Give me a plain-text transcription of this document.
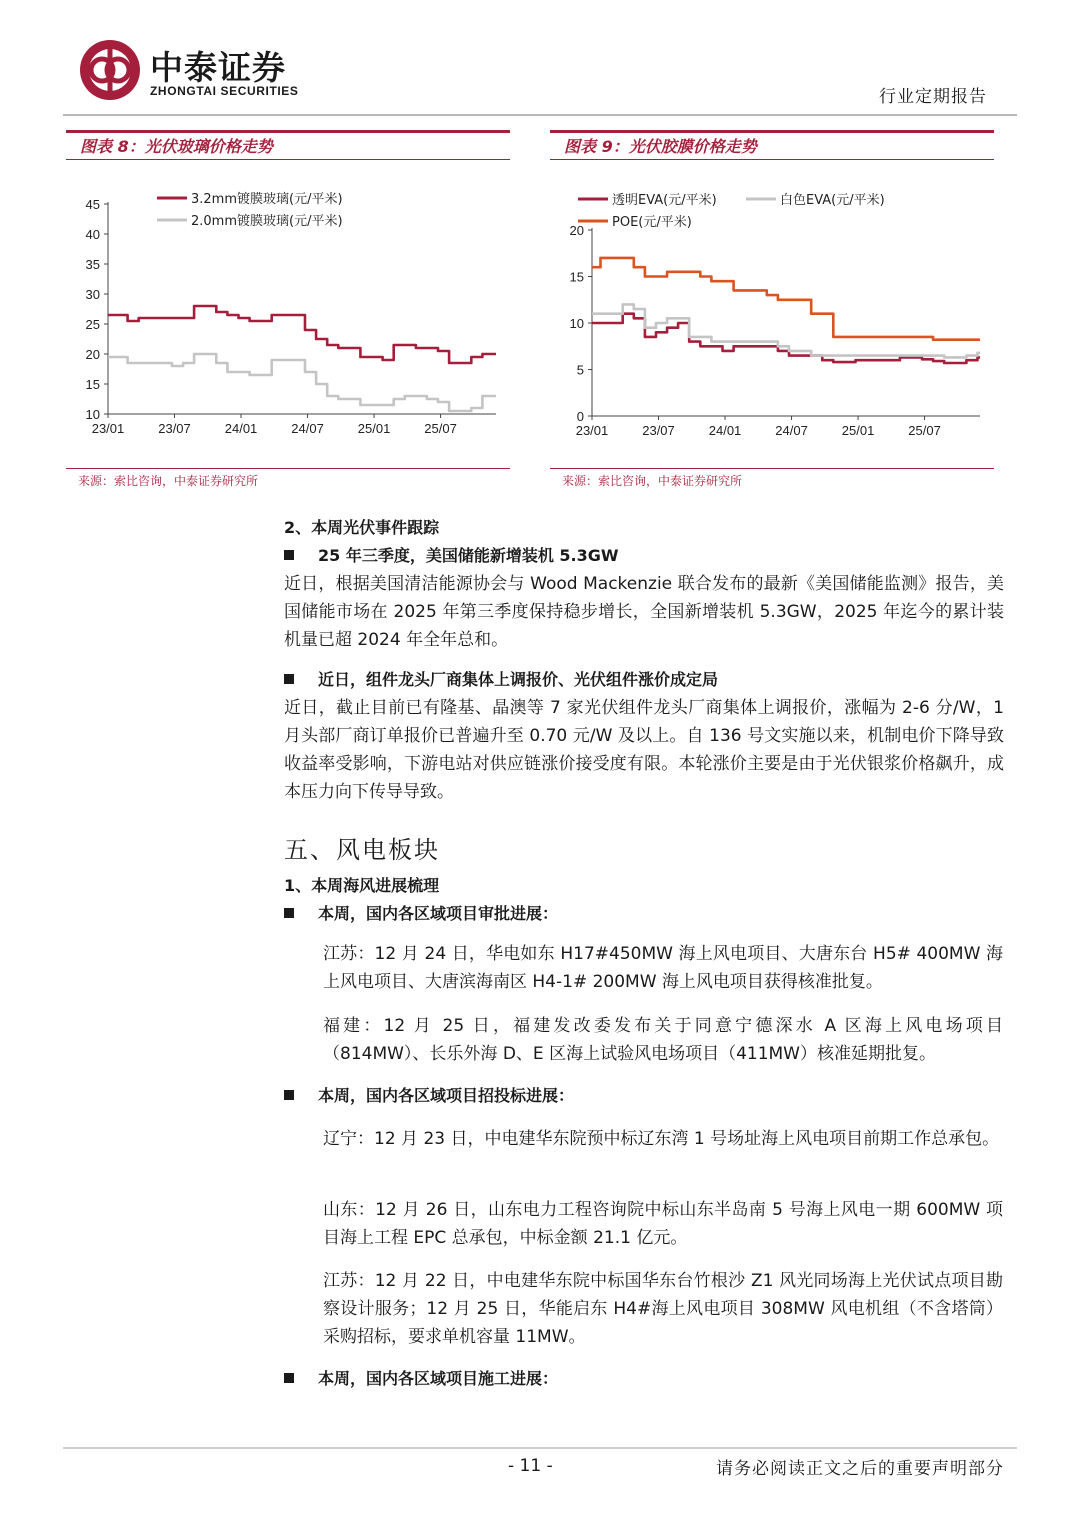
中泰证券
ZHONGTAI SECURITIES	行业定期报告
图表 8：光伏玻璃价格走势
10
15
20
25
30
35
40
45
23/01	23/07	24/01	24/07	25/01	25/07
3.2mm镀膜玻璃(元/平米)
2.0mm镀膜玻璃(元/平米)
来源：索比咨询，中泰证券研究所
图表 9：光伏胶膜价格走势
0
5
10
15
20
23/01	23/07	24/01	24/07	25/01	25/07
透明EVA(元/平米)	白色EVA(元/平米)
POE(元/平米)
来源：索比咨询，中泰证券研究所
2、本周光伏事件跟踪
25 年三季度，美国储能新增装机 5.3GW
近日，根据美国清洁能源协会与 Wood Mackenzie 联合发布的最新《美国储能监测》报告，美国储能市场在 2025 年第三季度保持稳步增长，全国新增装机 5.3GW，2025 年迄今的累计装机量已超 2024 年全年总和。
近日，组件龙头厂商集体上调报价、光伏组件涨价成定局
近日，截止目前已有隆基、晶澳等 7 家光伏组件龙头厂商集体上调报价，涨幅为 2-6 分/W，1 月头部厂商订单报价已普遍升至 0.70 元/W 及以上。自 136 号文实施以来，机制电价下降导致收益率受影响，下游电站对供应链涨价接受度有限。本轮涨价主要是由于光伏银浆价格飙升，成本压力向下传导导致。
五、风电板块
1、本周海风进展梳理
本周，国内各区域项目审批进展：
江苏：12 月 24 日，华电如东 H17#450MW 海上风电项目、大唐东台 H5# 400MW 海上风电项目、大唐滨海南区 H4-1# 200MW 海上风电项目获得核准批复。
福建：12 月 25 日，福建发改委发布关于同意宁德深水 A 区海上风电场项目（814MW）、长乐外海 D、E 区海上试验风电场项目（411MW）核准延期批复。
本周，国内各区域项目招投标进展：
辽宁：12 月 23 日，中电建华东院预中标辽东湾 1 号场址海上风电项目前期工作总承包。
山东：12 月 26 日，山东电力工程咨询院中标山东半岛南 5 号海上风电一期 600MW 项目海上工程 EPC 总承包，中标金额 21.1 亿元。
江苏：12 月 22 日，中电建华东院中标国华东台竹根沙 Z1 风光同场海上光伏试点项目勘察设计服务；12 月 25 日，华能启东 H4#海上风电项目 308MW 风电机组（不含塔筒）采购招标，要求单机容量 11MW。
本周，国内各区域项目施工进展：
- 11 -	请务必阅读正文之后的重要声明部分
